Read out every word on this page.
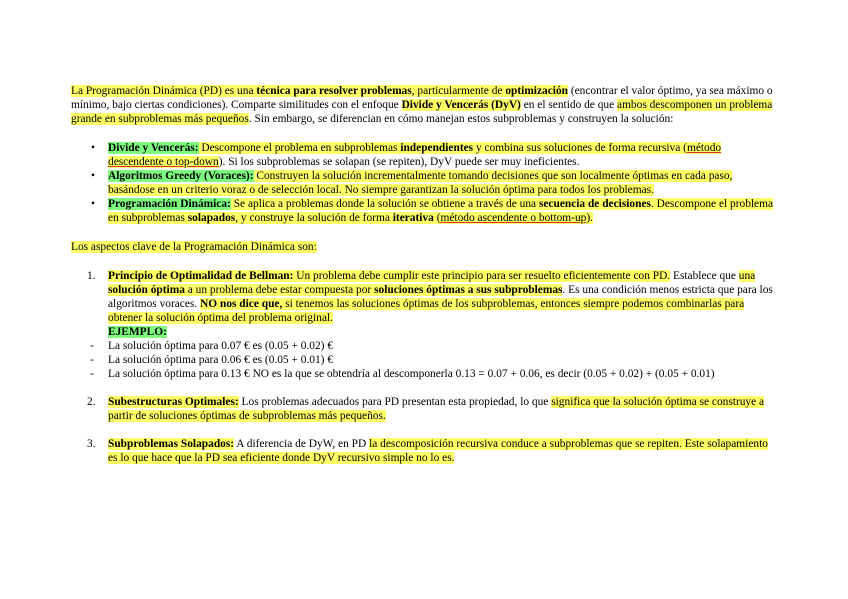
La Programación Dinámica (PD) es una técnica para resolver problemas, particularmente de optimización (encontrar el valor óptimo, ya sea máximo o mínimo, bajo ciertas condiciones). Comparte similitudes con el enfoque Divide y Vencerás (DyV) en el sentido de que ambos descomponen un problema grande en subproblemas más pequeños. Sin embargo, se diferencian en cómo manejan estos subproblemas y construyen la solución:

• Divide y Vencerás: Descompone el problema en subproblemas independientes y combina sus soluciones de forma recursiva (método descendente o top-down). Si los subproblemas se solapan (se repiten), DyV puede ser muy ineficientes.
• Algoritmos Greedy (Voraces): Construyen la solución incrementalmente tomando decisiones que son localmente óptimas en cada paso, basándose en un criterio voraz o de selección local. No siempre garantizan la solución óptima para todos los problemas.
• Programación Dinámica: Se aplica a problemas donde la solución se obtiene a través de una secuencia de decisiones. Descompone el problema en subproblemas solapados, y construye la solución de forma iterativa (método ascendente o bottom-up).

Los aspectos clave de la Programación Dinámica son:

1. Principio de Optimalidad de Bellman: Un problema debe cumplir este principio para ser resuelto eficientemente con PD. Establece que una solución óptima a un problema debe estar compuesta por soluciones óptimas a sus subproblemas. Es una condición menos estricta que para los algoritmos voraces. NO nos dice que, si tenemos las soluciones óptimas de los subproblemas, entonces siempre podemos combinarlas para obtener la solución óptima del problema original.
EJEMPLO:
- La solución óptima para 0.07 € es (0.05 + 0.02) €
- La solución óptima para 0.06 € es (0.05 + 0.01) €
- La solución óptima para 0.13 € NO es la que se obtendría al descomponerla 0.13 = 0.07 + 0.06, es decir (0.05 + 0.02) + (0.05 + 0.01)
2. Subestructuras Optimales: Los problemas adecuados para PD presentan esta propiedad, lo que significa que la solución óptima se construye a partir de soluciones óptimas de subproblemas más pequeños.
3. Subproblemas Solapados: A diferencia de DyW, en PD la descomposición recursiva conduce a subproblemas que se repiten. Este solapamiento es lo que hace que la PD sea eficiente donde DyV recursivo simple no lo es.
